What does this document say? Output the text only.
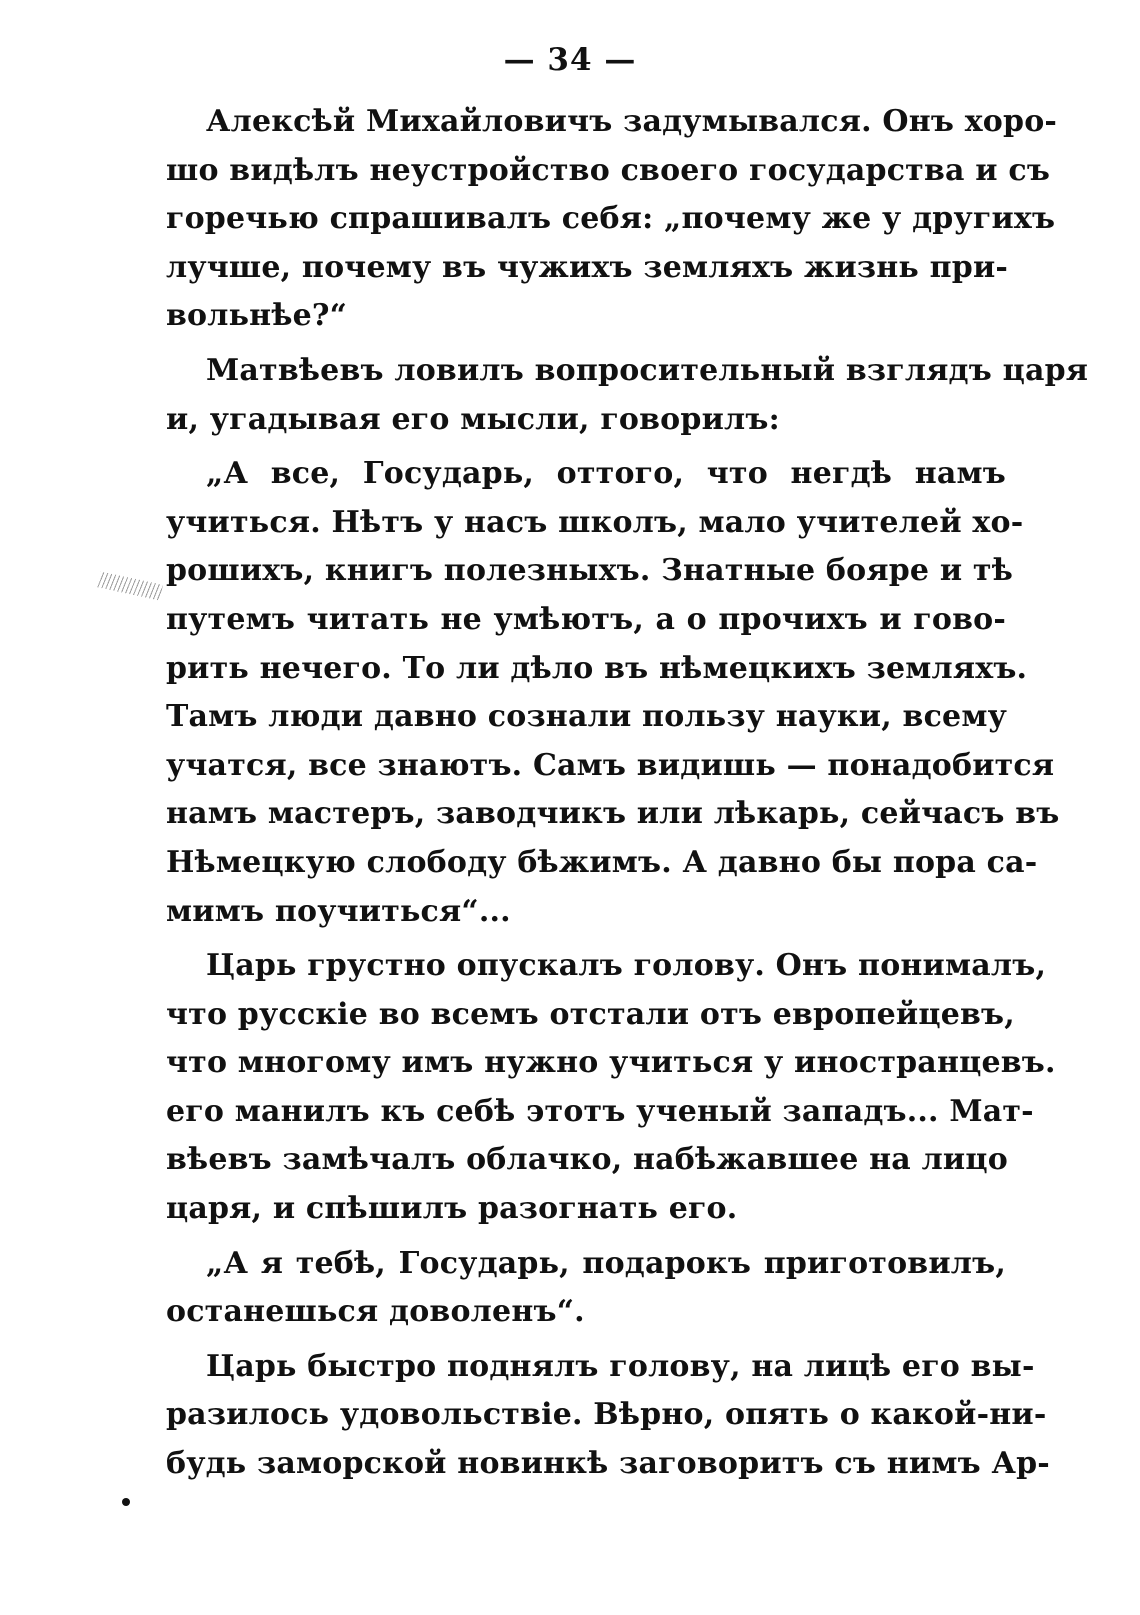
— 34 —
Алексѣй Михайловичъ задумывался. Онъ хоро-
шо видѣлъ неустройство своего государства и съ
горечью спрашивалъ себя: „почему же у другихъ
лучше, почему въ чужихъ земляхъ жизнь при-
вольнѣе?“
Матвѣевъ ловилъ вопросительный взглядъ царя
и, угадывая его мысли, говорилъ:
„А все, Государь, оттого, что негдѣ намъ
учиться. Нѣтъ у насъ школъ, мало учителей хо-
рошихъ, книгъ полезныхъ. Знатные бояре и тѣ
путемъ читать не умѣютъ, а о прочихъ и гово-
рить нечего. То ли дѣло въ нѣмецкихъ земляхъ.
Тамъ люди давно сознали пользу науки, всему
учатся, все знаютъ. Самъ видишь — понадобится
намъ мастеръ, заводчикъ или лѣкарь, сейчасъ въ
Нѣмецкую слободу бѣжимъ. А давно бы пора са-
мимъ поучиться“...
Царь грустно опускалъ голову. Онъ понималъ,
что русскіе во всемъ отстали отъ европейцевъ,
что многому имъ нужно учиться у иностранцевъ.
его манилъ къ себѣ этотъ ученый западъ... Мат-
вѣевъ замѣчалъ облачко, набѣжавшее на лицо
царя, и спѣшилъ разогнать его.
„А я тебѣ, Государь, подарокъ приготовилъ,
останешься доволенъ“.
Царь быстро поднялъ голову, на лицѣ его вы-
разилось удовольствіе. Вѣрно, опять о какой-ни-
будь заморской новинкѣ заговоритъ съ нимъ Ар-
